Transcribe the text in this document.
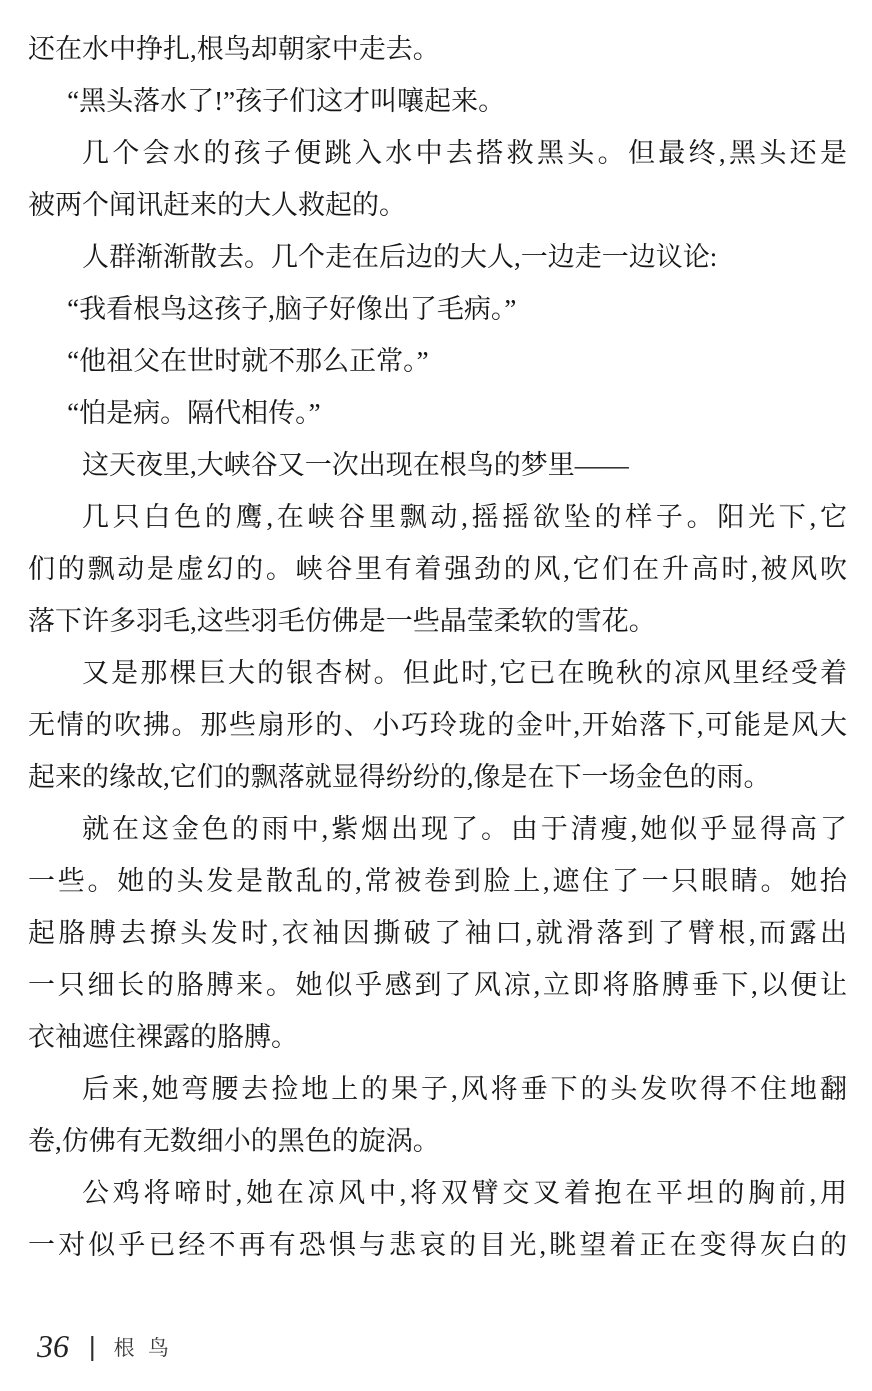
还在水中挣扎,根鸟却朝家中走去。

“黑头落水了!”孩子们这才叫嚷起来。

几个会水的孩子便跳入水中去搭救黑头。但最终,黑头还是

被两个闻讯赶来的大人救起的。

人群渐渐散去。几个走在后边的大人,一边走一边议论:

“我看根鸟这孩子,脑子好像出了毛病。”

“他祖父在世时就不那么正常。”

“怕是病。隔代相传。”

这天夜里,大峡谷又一次出现在根鸟的梦里——

几只白色的鹰,在峡谷里飘动,摇摇欲坠的样子。阳光下,它

们的飘动是虚幻的。峡谷里有着强劲的风,它们在升高时,被风吹

落下许多羽毛,这些羽毛仿佛是一些晶莹柔软的雪花。

又是那棵巨大的银杏树。但此时,它已在晚秋的凉风里经受着

无情的吹拂。那些扇形的、小巧玲珑的金叶,开始落下,可能是风大

起来的缘故,它们的飘落就显得纷纷的,像是在下一场金色的雨。

就在这金色的雨中,紫烟出现了。由于清瘦,她似乎显得高了

一些。她的头发是散乱的,常被卷到脸上,遮住了一只眼睛。她抬

起胳膊去撩头发时,衣袖因撕破了袖口,就滑落到了臂根,而露出

一只细长的胳膊来。她似乎感到了风凉,立即将胳膊垂下,以便让

衣袖遮住裸露的胳膊。

后来,她弯腰去捡地上的果子,风将垂下的头发吹得不住地翻

卷,仿佛有无数细小的黑色的旋涡。

公鸡将啼时,她在凉风中,将双臂交叉着抱在平坦的胸前,用

一对似乎已经不再有恐惧与悲哀的目光,眺望着正在变得灰白的

36 | 根 鸟
